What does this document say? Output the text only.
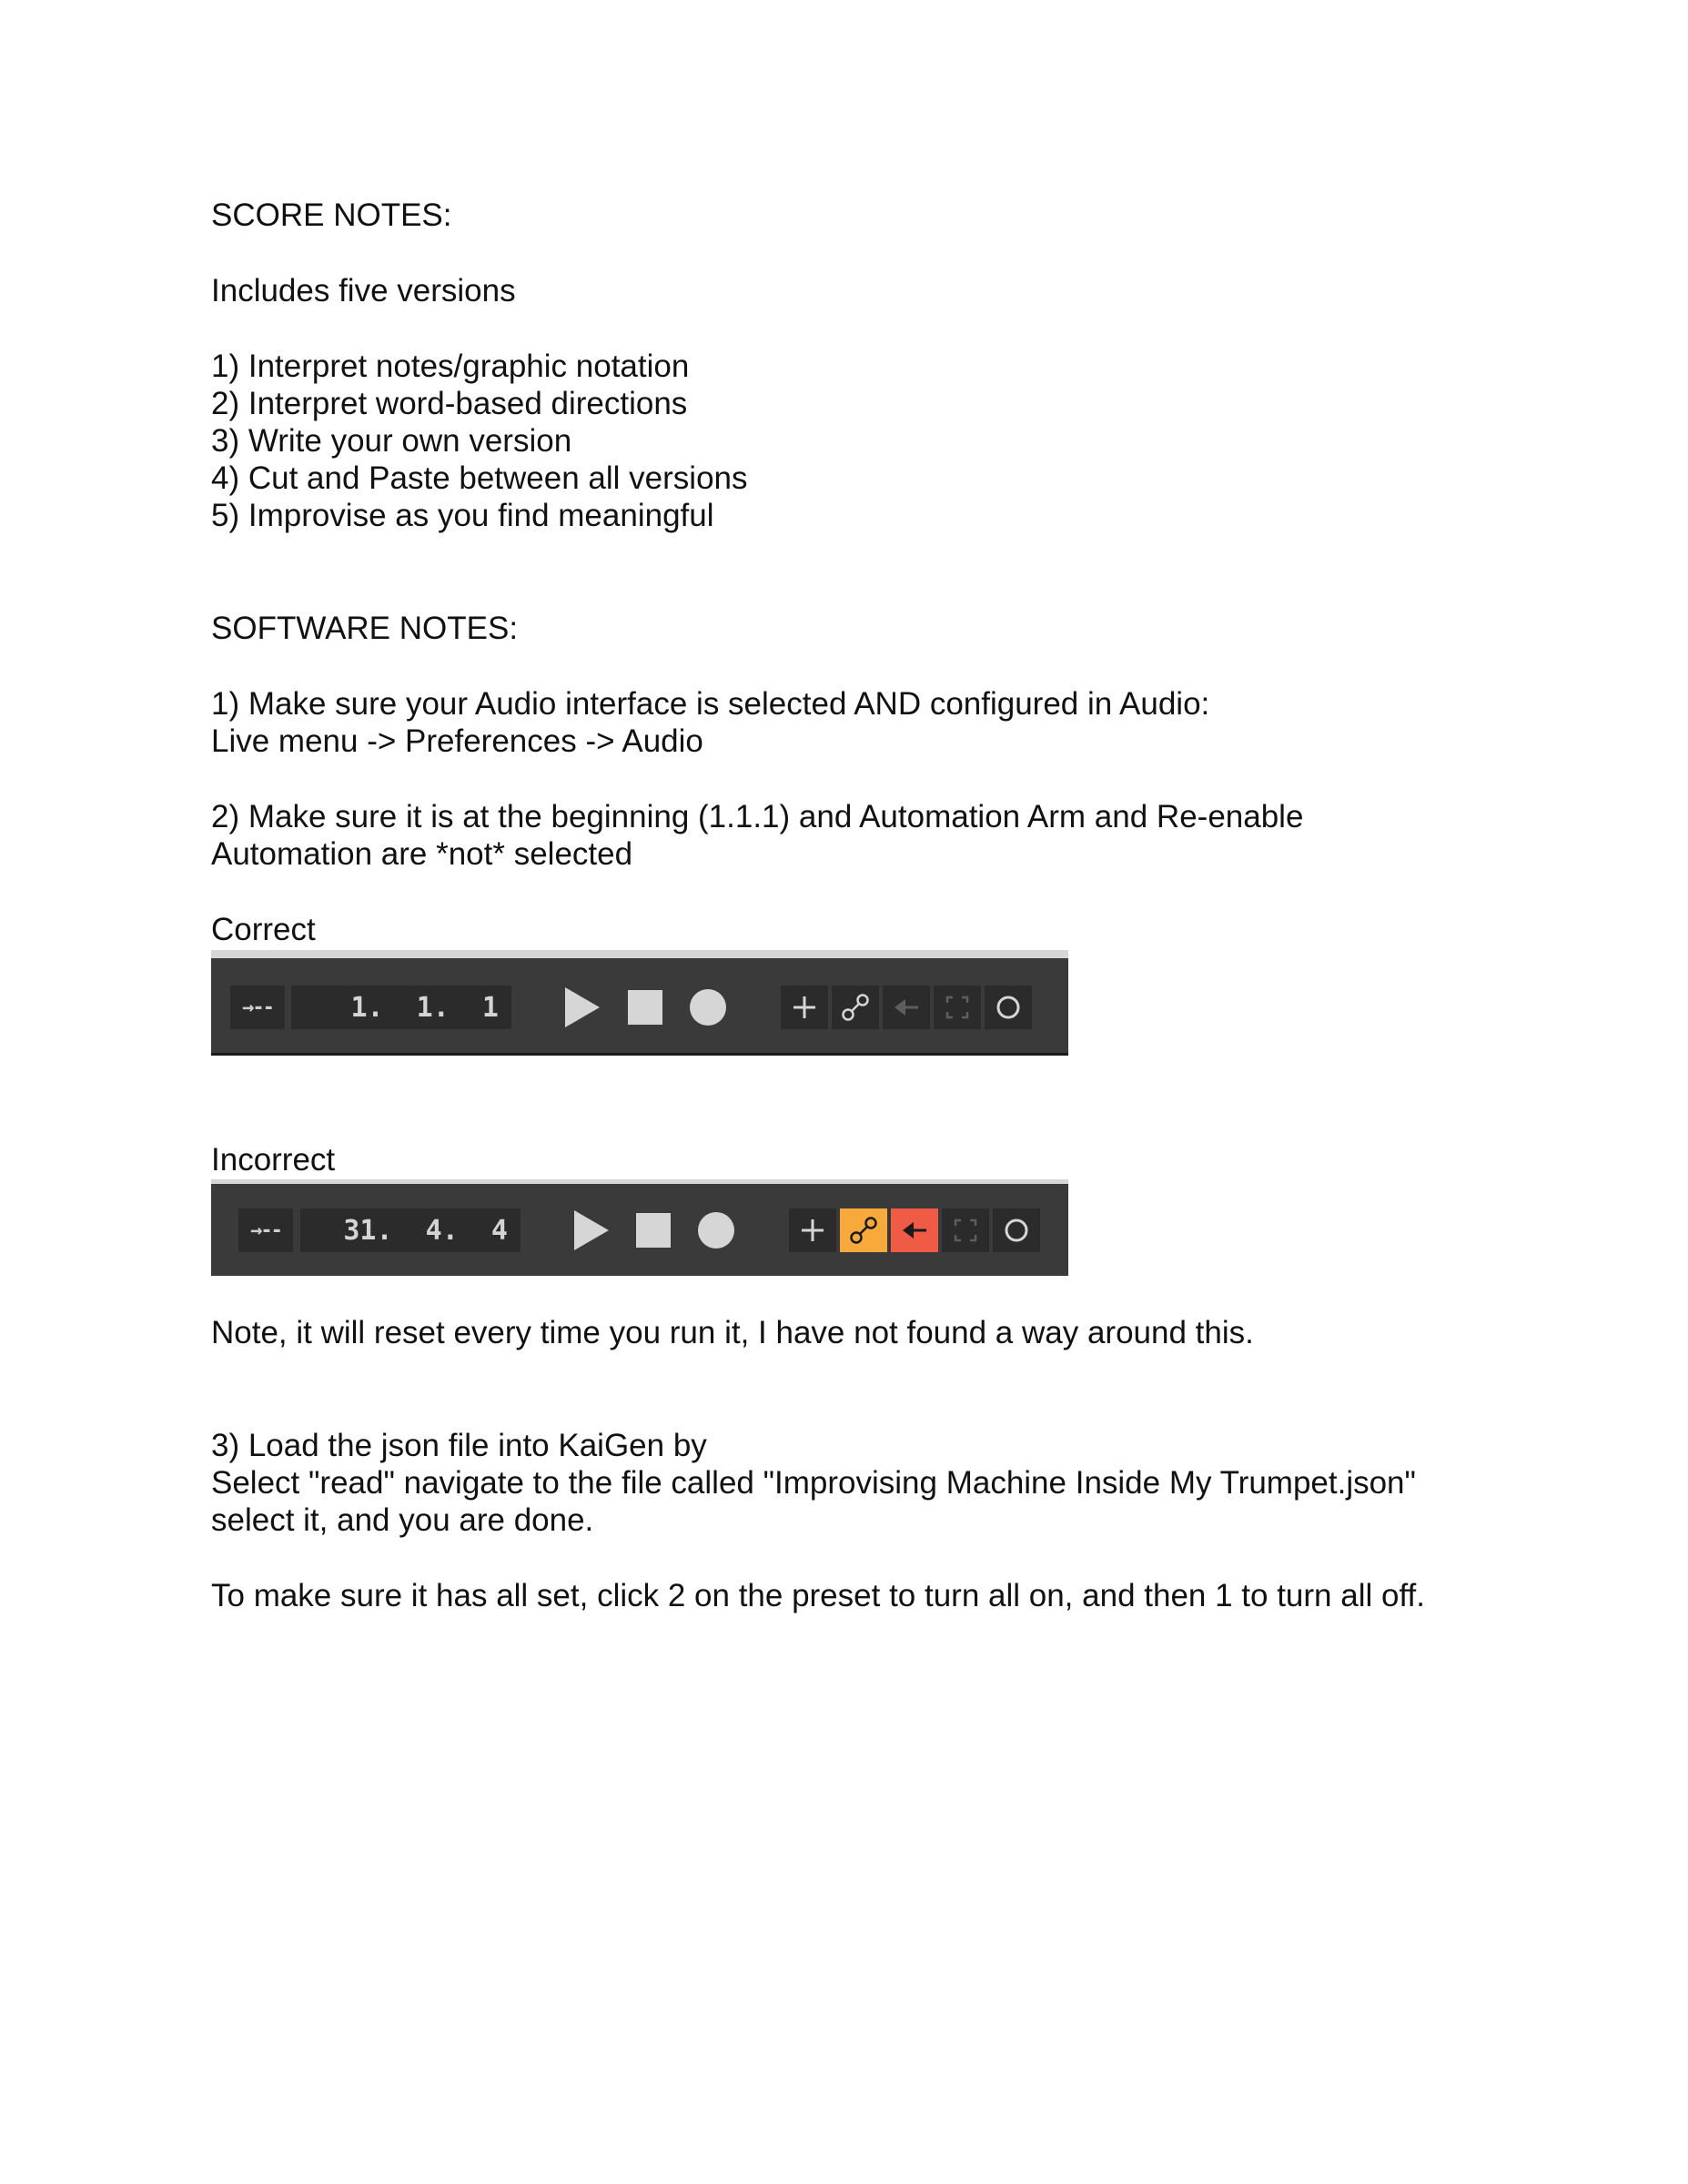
SCORE NOTES:

Includes five versions

1) Interpret notes/graphic notation

2) Interpret word-based directions

3) Write your own version

4) Cut and Paste between all versions

5) Improvise as you find meaningful

SOFTWARE NOTES:

1) Make sure your Audio interface is selected AND configured in Audio:

Live menu -> Preferences -> Audio

2) Make sure it is at the beginning (1.1.1) and Automation Arm and Re-enable

Automation are *not* selected

Correct

→--	1.  1.  1

Incorrect

→--	31.  4.  4

Note, it will reset every time you run it, I have not found a way around this.

3) Load the json file into KaiGen by

Select "read" navigate to the file called "Improvising Machine Inside My Trumpet.json"

select it, and you are done.

To make sure it has all set, click 2 on the preset to turn all on, and then 1 to turn all off.
